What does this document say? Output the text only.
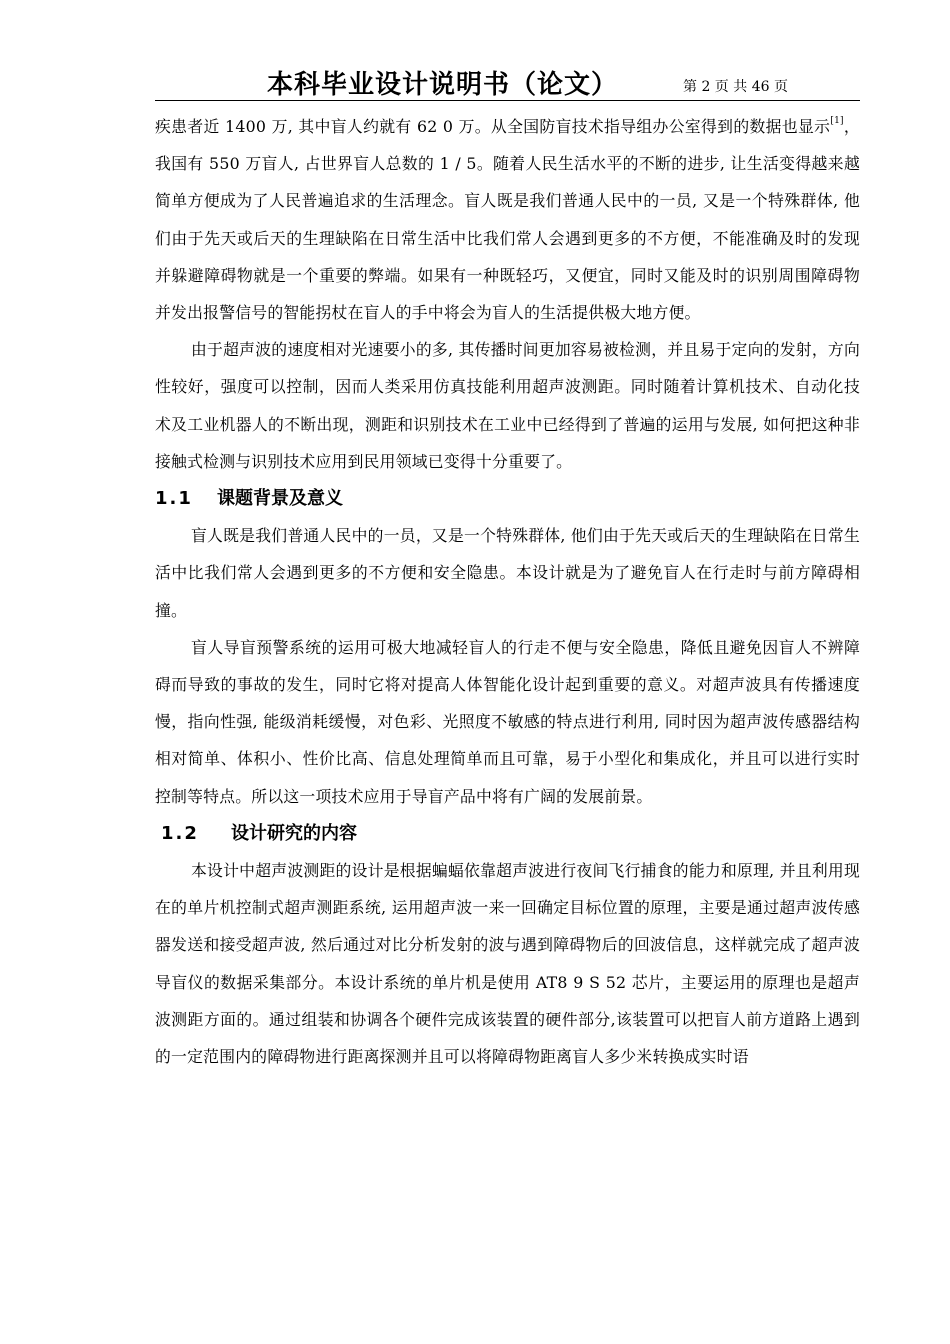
本科毕业设计说明书（论文）	第 2 页 共 46 页

疾患者近 1400 万, 其中盲人约就有 62 0 万。从全国防盲技术指导组办公室得到的数据也显示[1]，我国有 550 万盲人, 占世界盲人总数的 1 / 5。随着人民生活水平的不断的进步, 让生活变得越来越简单方便成为了人民普遍追求的生活理念。盲人既是我们普通人民中的一员, 又是一个特殊群体, 他们由于先天或后天的生理缺陷在日常生活中比我们常人会遇到更多的不方便，不能准确及时的发现并躲避障碍物就是一个重要的弊端。如果有一种既轻巧，又便宜，同时又能及时的识别周围障碍物并发出报警信号的智能拐杖在盲人的手中将会为盲人的生活提供极大地方便。

由于超声波的速度相对光速要小的多, 其传播时间更加容易被检测，并且易于定向的发射，方向性较好，强度可以控制，因而人类采用仿真技能利用超声波测距。同时随着计算机技术、自动化技术及工业机器人的不断出现，测距和识别技术在工业中已经得到了普遍的运用与发展, 如何把这种非接触式检测与识别技术应用到民用领域已变得十分重要了。

1.1 课题背景及意义

盲人既是我们普通人民中的一员，又是一个特殊群体, 他们由于先天或后天的生理缺陷在日常生活中比我们常人会遇到更多的不方便和安全隐患。本设计就是为了避免盲人在行走时与前方障碍相撞。

盲人导盲预警系统的运用可极大地减轻盲人的行走不便与安全隐患，降低且避免因盲人不辨障碍而导致的事故的发生，同时它将对提高人体智能化设计起到重要的意义。对超声波具有传播速度慢，指向性强, 能级消耗缓慢，对色彩、光照度不敏感的特点进行利用, 同时因为超声波传感器结构相对简单、体积小、性价比高、信息处理简单而且可靠，易于小型化和集成化，并且可以进行实时控制等特点。所以这一项技术应用于导盲产品中将有广阔的发展前景。

1.2 设计研究的内容

本设计中超声波测距的设计是根据蝙蝠依靠超声波进行夜间飞行捕食的能力和原理, 并且利用现在的单片机控制式超声测距系统, 运用超声波一来一回确定目标位置的原理，主要是通过超声波传感器发送和接受超声波, 然后通过对比分析发射的波与遇到障碍物后的回波信息，这样就完成了超声波导盲仪的数据采集部分。本设计系统的单片机是使用 AT8 9 S 52 芯片，主要运用的原理也是超声波测距方面的。通过组装和协调各个硬件完成该装置的硬件部分,该装置可以把盲人前方道路上遇到的一定范围内的障碍物进行距离探测并且可以将障碍物距离盲人多少米转换成实时语
